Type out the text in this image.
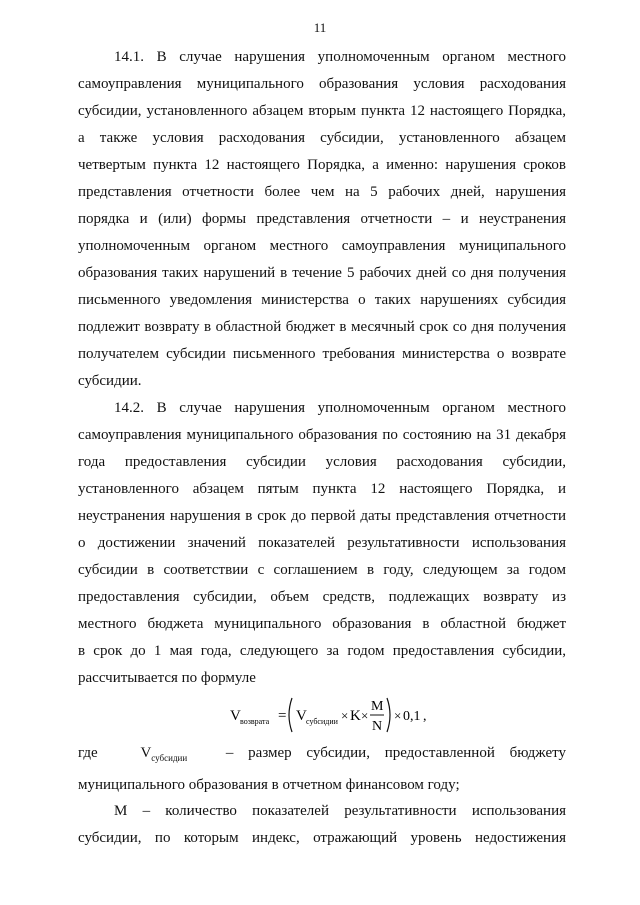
11
14.1. В случае нарушения уполномоченным органом местного
самоуправления муниципального образования условия расходования
субсидии, установленного абзацем вторым пункта 12 настоящего Порядка,
а также условия расходования субсидии, установленного абзацем
четвертым пункта 12 настоящего Порядка, а именно: нарушения сроков
представления отчетности более чем на 5 рабочих дней, нарушения
порядка и (или) формы представления отчетности – и неустранения
уполномоченным органом местного самоуправления муниципального
образования таких нарушений в течение 5 рабочих дней со дня получения
письменного уведомления министерства о таких нарушениях субсидия
подлежит возврату в областной бюджет в месячный срок со дня получения
получателем субсидии письменного требования министерства о возврате
субсидии.
14.2. В случае нарушения уполномоченным органом местного
самоуправления муниципального образования по состоянию на 31 декабря
года предоставления субсидии условия расходования субсидии,
установленного абзацем пятым пункта 12 настоящего Порядка, и
неустранения нарушения в срок до первой даты представления отчетности
о достижении значений показателей результативности использования
субсидии в соответствии с соглашением в году, следующем за годом
предоставления субсидии, объем средств, подлежащих возврату из
местного бюджета муниципального образования в областной бюджет
в срок до 1 мая года, следующего за годом предоставления субсидии,
рассчитывается по формуле
V возврата = V субсидии × K ×
M
N
× 0,1 ,
где	$V_{субсидии}$	– размер субсидии, предоставленной бюджету
муниципального образования в отчетном финансовом году;
М – количество показателей результативности использования
субсидии, по которым индекс, отражающий уровень недостижения
